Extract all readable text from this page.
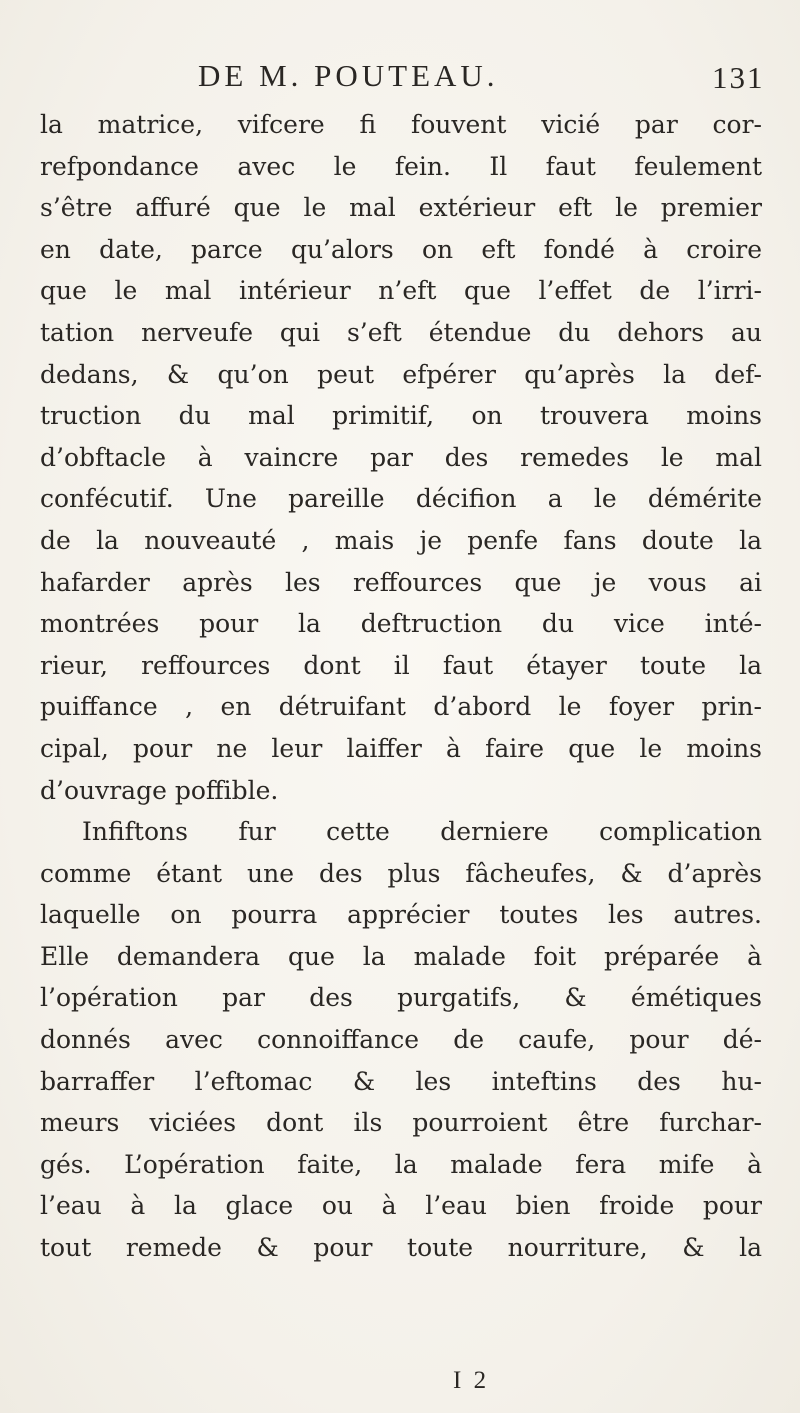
DE M. POUTEAU.	131
la matrice, vifcere fi fouvent vicié par cor-
refpondance avec le fein. Il faut feulement
s’être affuré que le mal extérieur eft le premier
en date, parce qu’alors on eft fondé à croire
que le mal intérieur n’eft que l’effet de l’irri-
tation nerveufe qui s’eft étendue du dehors au
dedans, & qu’on peut efpérer qu’après la def-
truction du mal primitif, on trouvera moins
d’obftacle à vaincre par des remedes le mal
confécutif. Une pareille décifion a le démérite
de la nouveauté , mais je penfe fans doute la
hafarder après les reffources que je vous ai
montrées pour la deftruction du vice inté-
rieur, reffources dont il faut étayer toute la
puiffance , en détruifant d’abord le foyer prin-
cipal, pour ne leur laiffer à faire que le moins
d’ouvrage poffible.
Infiftons fur cette derniere complication
comme étant une des plus fâcheufes, & d’après
laquelle on pourra apprécier toutes les autres.
Elle demandera que la malade foit préparée à
l’opération par des purgatifs, & émétiques
donnés avec connoiffance de caufe, pour dé-
barraffer l’eftomac & les inteftins des hu-
meurs viciées dont ils pourroient être furchar-
gés. L’opération faite, la malade fera mife à
l’eau à la glace ou à l’eau bien froide pour
tout remede & pour toute nourriture, & la
I 2
